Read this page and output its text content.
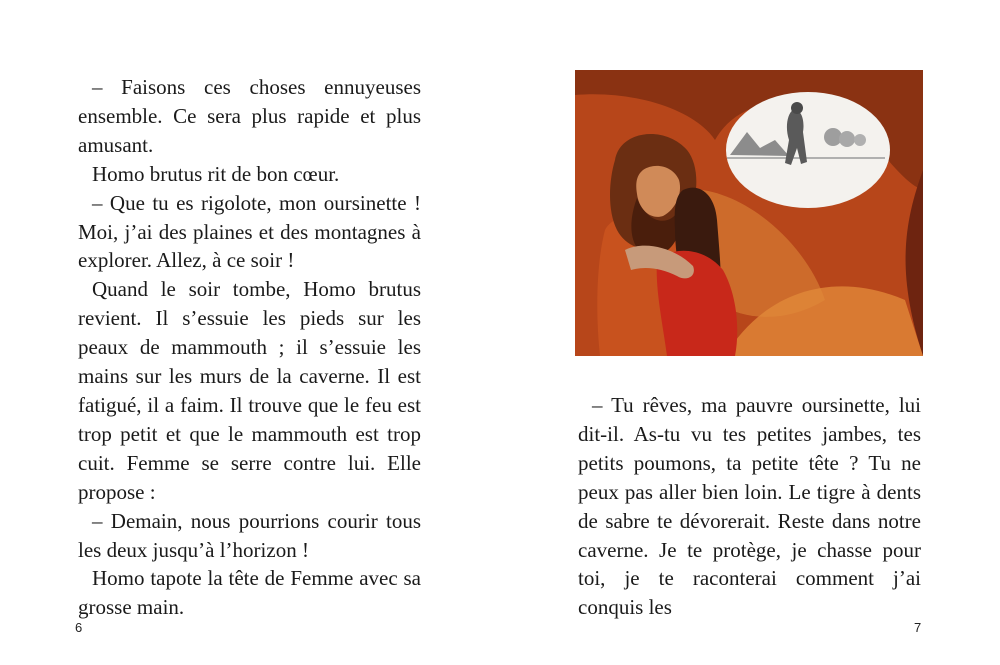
– Faisons ces choses ennuyeuses ensemble. Ce sera plus rapide et plus amusant.

Homo brutus rit de bon cœur.

– Que tu es rigolote, mon oursinette ! Moi, j’ai des plaines et des montagnes à explorer. Allez, à ce soir !

Quand le soir tombe, Homo brutus revient. Il s’essuie les pieds sur les peaux de mammouth ; il s’essuie les mains sur les murs de la caverne. Il est fatigué, il a faim. Il trouve que le feu est trop petit et que le mammouth est trop cuit. Femme se serre contre lui. Elle propose :

– Demain, nous pourrions courir tous les deux jusqu’à l’horizon !

Homo tapote la tête de Femme avec sa grosse main.

6

– Tu rêves, ma pauvre oursinette, lui dit-il. As-tu vu tes petites jambes, tes petits poumons, ta petite tête ? Tu ne peux pas aller bien loin. Le tigre à dents de sabre te dévorerait. Reste dans notre caverne. Je te protège, je chasse pour toi, je te raconterai comment j’ai conquis les

7
